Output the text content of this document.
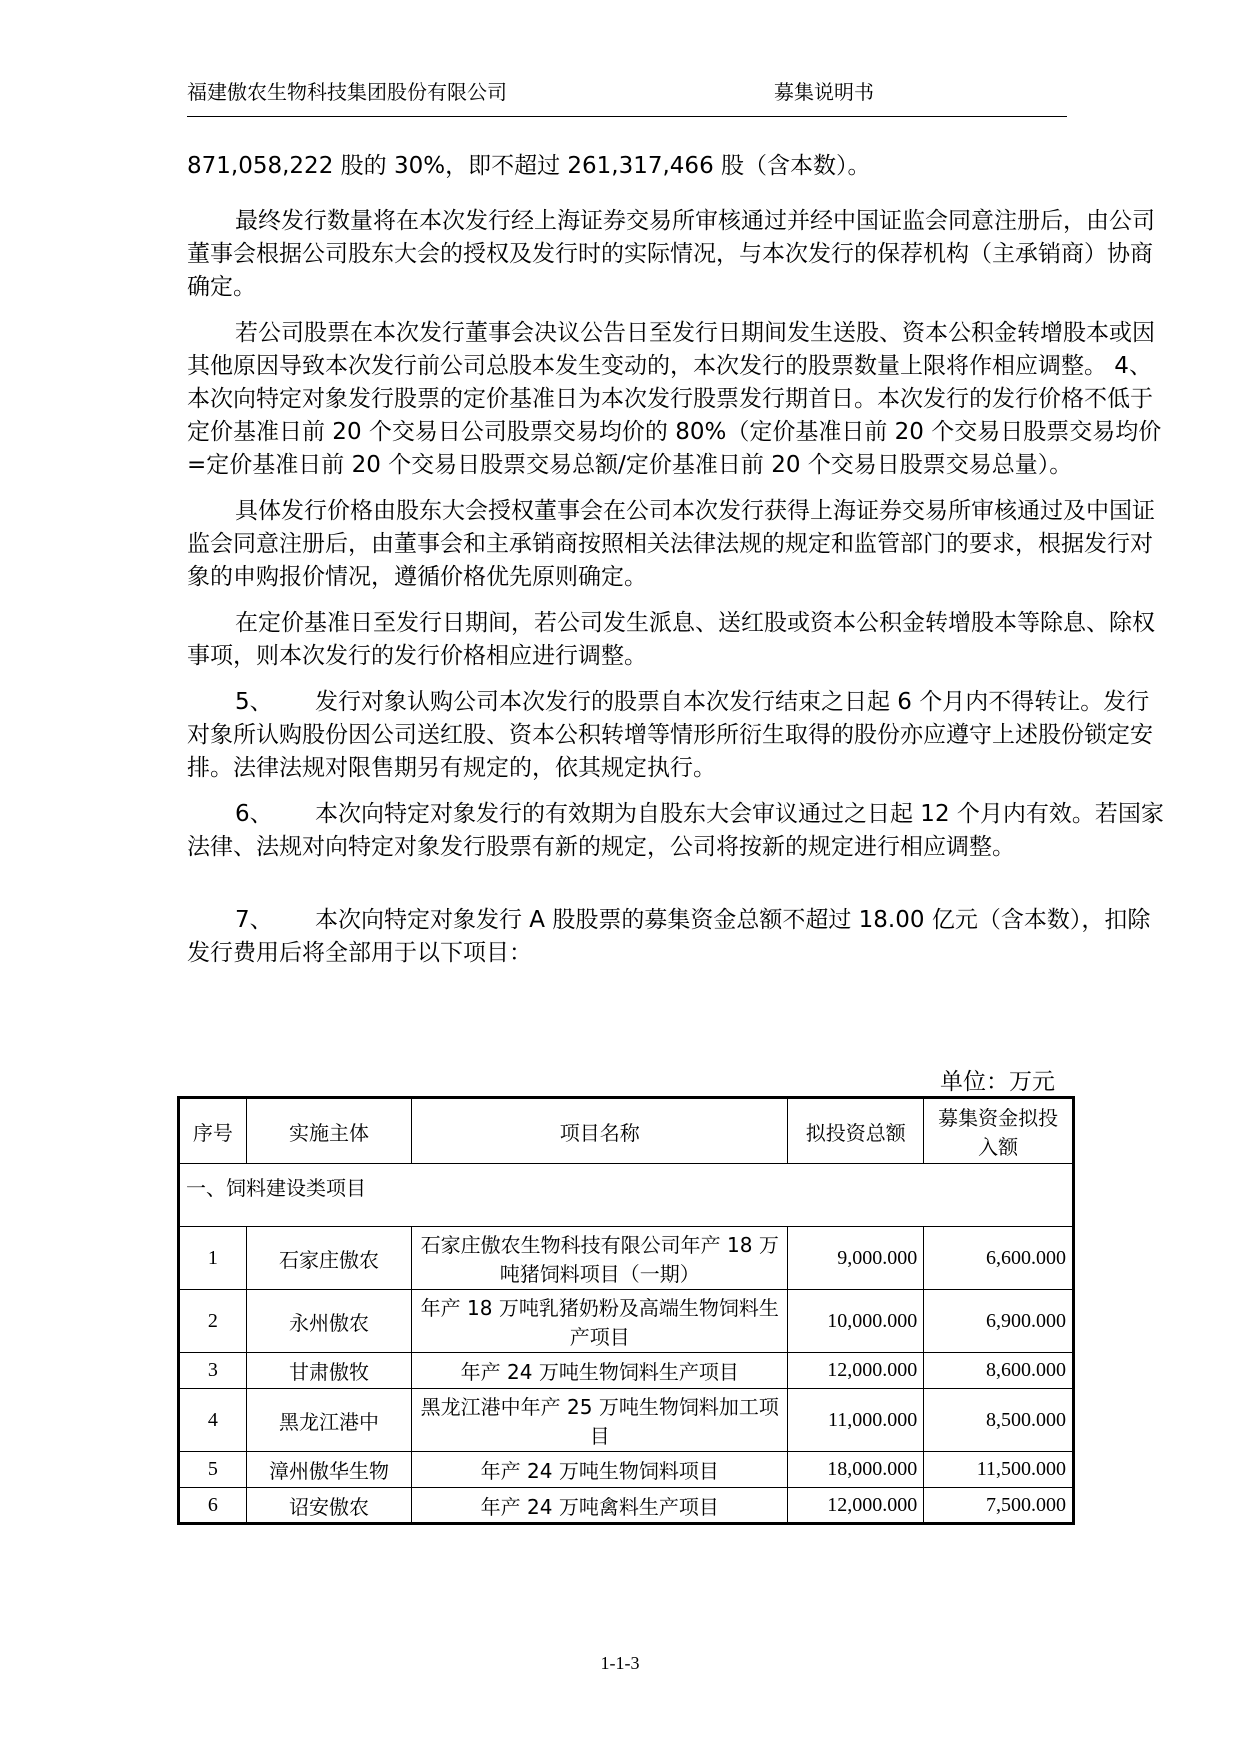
福建傲农生物科技集团股份有限公司	募集说明书

871,058,222 股的 30%，即不超过 261,317,466 股（含本数）。

最终发行数量将在本次发行经上海证券交易所审核通过并经中国证监会同意注册后，由公司董事会根据公司股东大会的授权及发行时的实际情况，与本次发行的保荐机构（主承销商）协商确定。

若公司股票在本次发行董事会决议公告日至发行日期间发生送股、资本公积金转增股本或因其他原因导致本次发行前公司总股本发生变动的，本次发行的股票数量上限将作相应调整。 4、本次向特定对象发行股票的定价基准日为本次发行股票发行期首日。本次发行的发行价格不低于定价基准日前 20 个交易日公司股票交易均价的 80%（定价基准日前 20 个交易日股票交易均价=定价基准日前 20 个交易日股票交易总额/定价基准日前 20 个交易日股票交易总量）。

具体发行价格由股东大会授权董事会在公司本次发行获得上海证券交易所审核通过及中国证监会同意注册后，由董事会和主承销商按照相关法律法规的规定和监管部门的要求，根据发行对象的申购报价情况，遵循价格优先原则确定。

在定价基准日至发行日期间，若公司发生派息、送红股或资本公积金转增股本等除息、除权事项，则本次发行的发行价格相应进行调整。

5、 发行对象认购公司本次发行的股票自本次发行结束之日起 6 个月内不得转让。发行对象所认购股份因公司送红股、资本公积转增等情形所衍生取得的股份亦应遵守上述股份锁定安排。法律法规对限售期另有规定的，依其规定执行。

6、 本次向特定对象发行的有效期为自股东大会审议通过之日起 12 个月内有效。若国家法律、法规对向特定对象发行股票有新的规定，公司将按新的规定进行相应调整。

7、 本次向特定对象发行 A 股股票的募集资金总额不超过 18.00 亿元（含本数），扣除发行费用后将全部用于以下项目：

单位：万元
序号	实施主体	项目名称	拟投资总额	募集资金拟投入额
一、饲料建设类项目				
1	石家庄傲农	石家庄傲农生物科技有限公司年产 18 万吨猪饲料项目（一期）	9,000.000	6,600.000
2	永州傲农	年产 18 万吨乳猪奶粉及高端生物饲料生产项目	10,000.000	6,900.000
3	甘肃傲牧	年产 24 万吨生物饲料生产项目	12,000.000	8,600.000
4	黑龙江港中	黑龙江港中年产 25 万吨生物饲料加工项目	11,000.000	8,500.000
5	漳州傲华生物	年产 24 万吨生物饲料项目	18,000.000	11,500.000
6	诏安傲农	年产 24 万吨禽料生产项目	12,000.000	7,500.000
1-1-3
